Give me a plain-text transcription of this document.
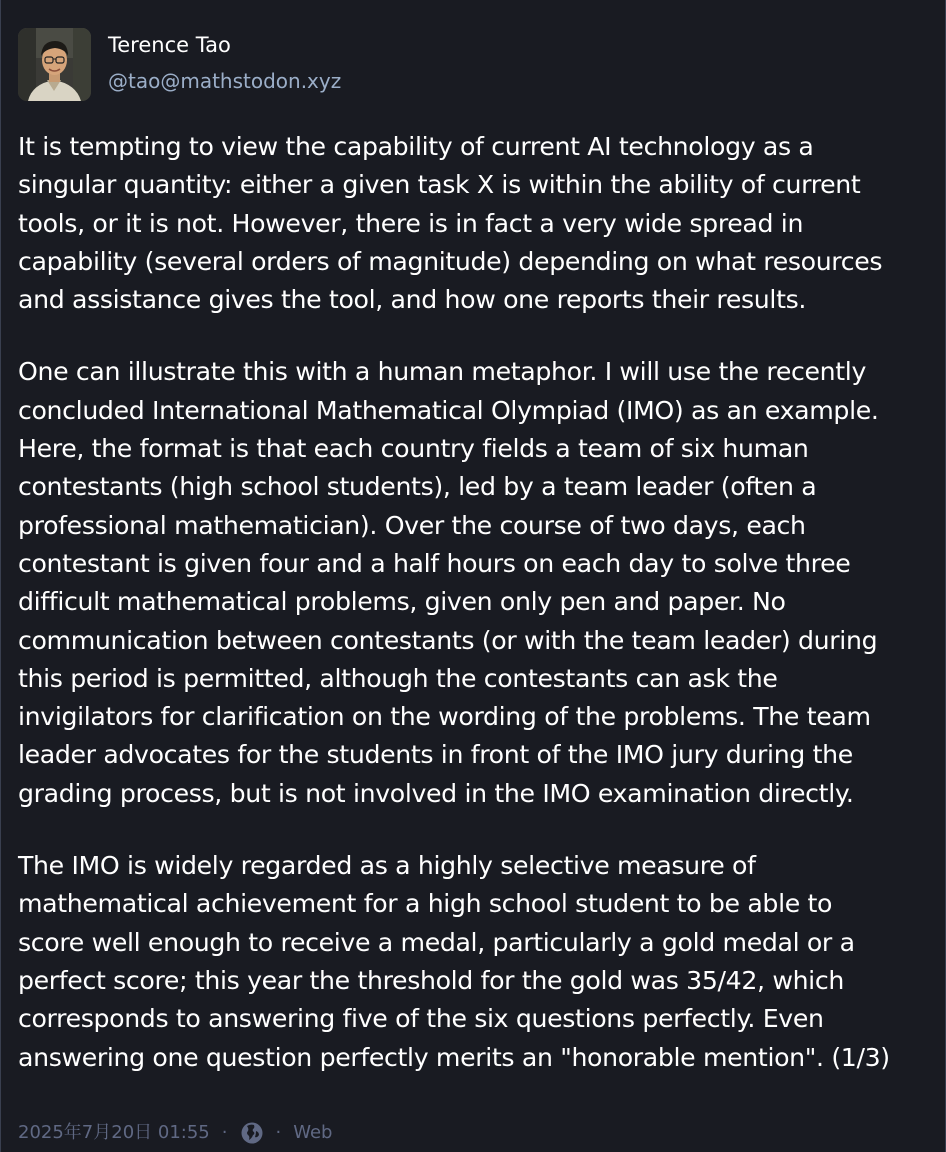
Terence Tao
@tao@mathstodon.xyz

It is tempting to view the capability of current AI technology as a
singular quantity: either a given task X is within the ability of current
tools, or it is not. However, there is in fact a very wide spread in
capability (several orders of magnitude) depending on what resources
and assistance gives the tool, and how one reports their results.

One can illustrate this with a human metaphor. I will use the recently
concluded International Mathematical Olympiad (IMO) as an example.
Here, the format is that each country fields a team of six human
contestants (high school students), led by a team leader (often a
professional mathematician). Over the course of two days, each
contestant is given four and a half hours on each day to solve three
difficult mathematical problems, given only pen and paper. No
communication between contestants (or with the team leader) during
this period is permitted, although the contestants can ask the
invigilators for clarification on the wording of the problems. The team
leader advocates for the students in front of the IMO jury during the
grading process, but is not involved in the IMO examination directly.

The IMO is widely regarded as a highly selective measure of
mathematical achievement for a high school student to be able to
score well enough to receive a medal, particularly a gold medal or a
perfect score; this year the threshold for the gold was 35/42, which
corresponds to answering five of the six questions perfectly. Even
answering one question perfectly merits an "honorable mention". (1/3)

2025年7月20日 01:55 ·	· Web
